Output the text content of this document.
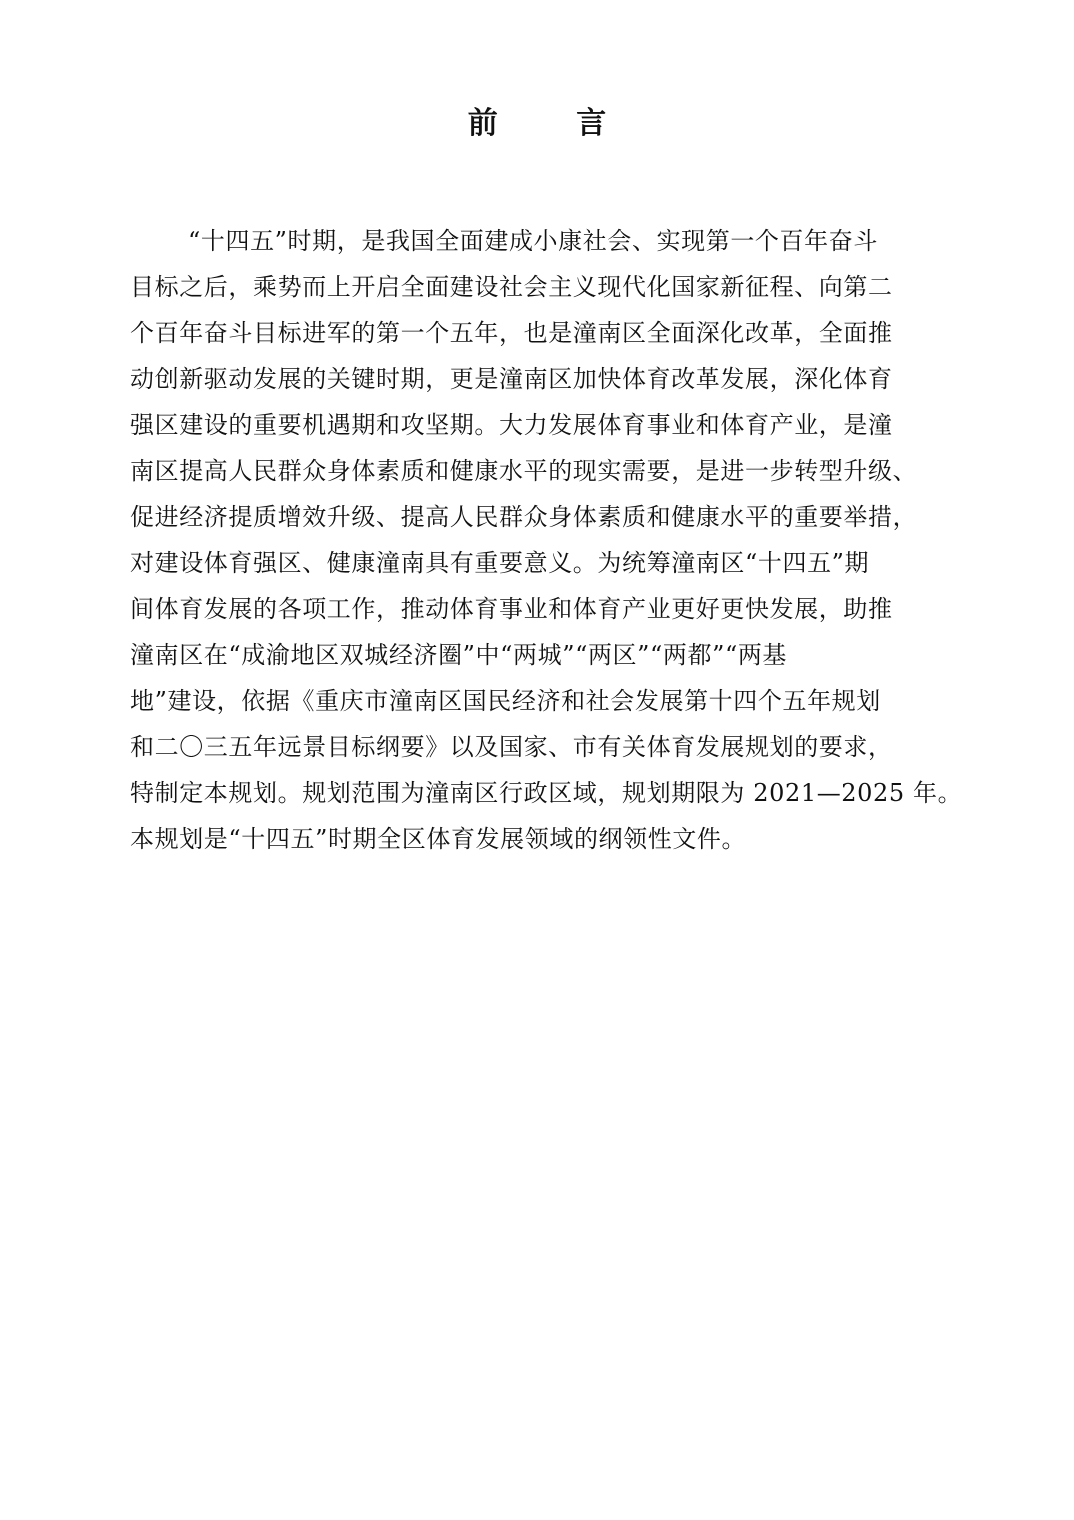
前 言
“十四五”时期，是我国全面建成小康社会、实现第一个百年奋斗
目标之后，乘势而上开启全面建设社会主义现代化国家新征程、向第二
个百年奋斗目标进军的第一个五年，也是潼南区全面深化改革，全面推
动创新驱动发展的关键时期，更是潼南区加快体育改革发展，深化体育
强区建设的重要机遇期和攻坚期。大力发展体育事业和体育产业，是潼
南区提高人民群众身体素质和健康水平的现实需要，是进一步转型升级、
促进经济提质增效升级、提高人民群众身体素质和健康水平的重要举措，
对建设体育强区、健康潼南具有重要意义。为统筹潼南区“十四五”期
间体育发展的各项工作，推动体育事业和体育产业更好更快发展，助推
潼南区在“成渝地区双城经济圈”中“两城”“两区”“两都”“两基
地”建设，依据《重庆市潼南区国民经济和社会发展第十四个五年规划
和二〇三五年远景目标纲要》以及国家、市有关体育发展规划的要求，
特制定本规划。规划范围为潼南区行政区域，规划期限为 2021—2025 年。
本规划是“十四五”时期全区体育发展领域的纲领性文件。
